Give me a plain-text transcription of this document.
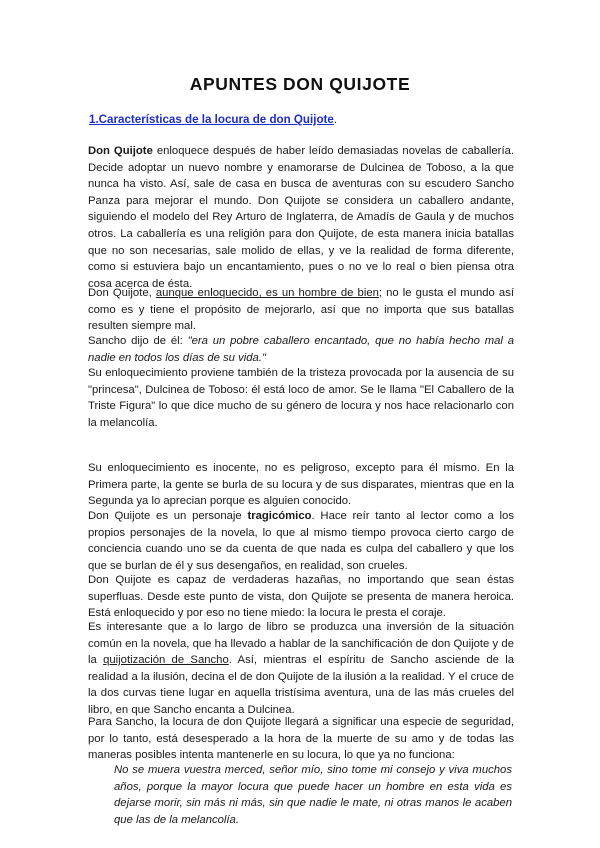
APUNTES DON QUIJOTE
1.Características de la locura de don Quijote.

Don Quijote enloquece después de haber leído demasiadas novelas de caballería. Decide adoptar un nuevo nombre y enamorarse de Dulcinea de Toboso, a la que nunca ha visto. Así, sale de casa en busca de aventuras con su escudero Sancho Panza para mejorar el mundo. Don Quijote se considera un caballero andante, siguiendo el modelo del Rey Arturo de Inglaterra, de Amadís de Gaula y de muchos otros. La caballería es una religión para don Quijote, de esta manera inicia batallas que no son necesarias, sale molido de ellas, y ve la realidad de forma diferente, como si estuviera bajo un encantamiento, pues o no ve lo real o bien piensa otra cosa acerca de ésta.

Don Quijote, aunque enloquecido, es un hombre de bien; no le gusta el mundo así como es y tiene el propósito de mejorarlo, así que no importa que sus batallas resulten siempre mal.

Sancho dijo de él: "era un pobre caballero encantado, que no había hecho mal a nadie en todos los días de su vida."

Su enloquecimiento proviene también de la tristeza provocada por la ausencia de su "princesa", Dulcinea de Toboso: él está loco de amor. Se le llama "El Caballero de la Triste Figura" lo que dice mucho de su género de locura y nos hace relacionarlo con la melancolía.

Su enloquecimiento es inocente, no es peligroso, excepto para él mismo. En la Primera parte, la gente se burla de su locura y de sus disparates, mientras que en la Segunda ya lo aprecian porque es alguien conocido.

Don Quijote es un personaje tragicómico. Hace reír tanto al lector como a los propios personajes de la novela, lo que al mismo tiempo provoca cierto cargo de conciencia cuando uno se da cuenta de que nada es culpa del caballero y que los que se burlan de él y sus desengaños, en realidad, son crueles.

Don Quijote es capaz de verdaderas hazañas, no importando que sean éstas superfluas. Desde este punto de vista, don Quijote se presenta de manera heroica. Está enloquecido y por eso no tiene miedo: la locura le presta el coraje.

Es interesante que a lo largo de libro se produzca una inversión de la situación común en la novela, que ha llevado a hablar de la sanchificación de don Quijote y de la quijotización de Sancho. Así, mientras el espíritu de Sancho asciende de la realidad a la ilusión, decina el de don Quijote de la ilusión a la realidad. Y el cruce de la dos curvas tiene lugar en aquella tristísima aventura, una de las más crueles del libro, en que Sancho encanta a Dulcinea.

Para Sancho, la locura de don Quijote llegará a significar una especie de seguridad, por lo tanto, está desesperado a la hora de la muerte de su amo y de todas las maneras posibles intenta mantenerle en su locura, lo que ya no funciona:

No se muera vuestra merced, señor mío, sino tome mi consejo y viva muchos años, porque la mayor locura que puede hacer un hombre en esta vida es dejarse morir, sin más ni más, sin que nadie le mate, ni otras manos le acaben que las de la melancolía.
